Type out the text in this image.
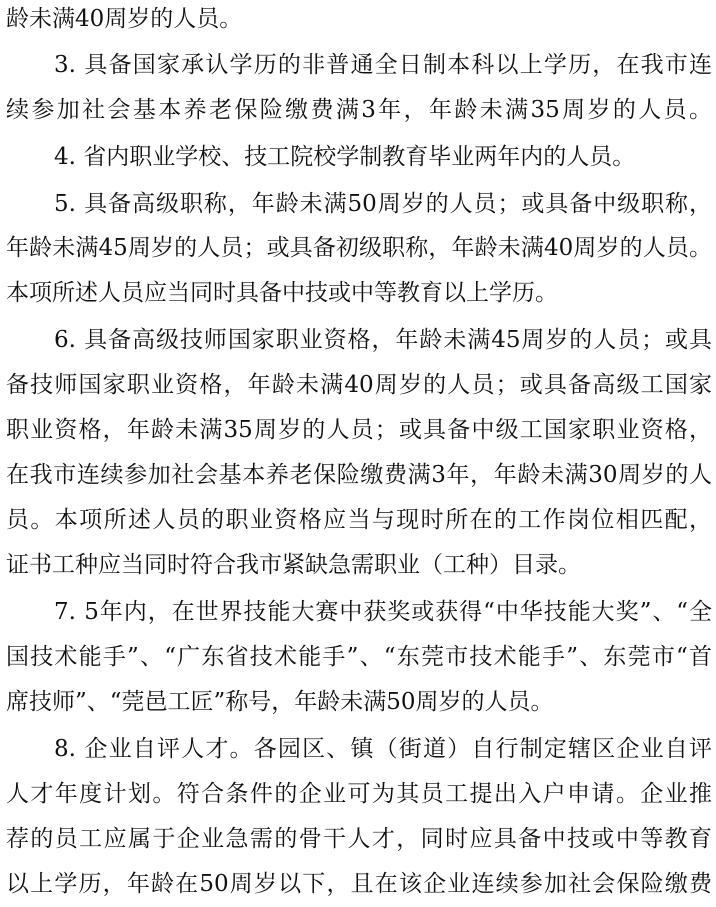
龄未满40周岁的人员。
3. 具备国家承认学历的非普通全日制本科以上学历，在我市连
续参加社会基本养老保险缴费满3年，年龄未满35周岁的人员。
4. 省内职业学校、技工院校学制教育毕业两年内的人员。
5. 具备高级职称，年龄未满50周岁的人员；或具备中级职称，
年龄未满45周岁的人员；或具备初级职称，年龄未满40周岁的人员。
本项所述人员应当同时具备中技或中等教育以上学历。
6. 具备高级技师国家职业资格，年龄未满45周岁的人员；或具
备技师国家职业资格，年龄未满40周岁的人员；或具备高级工国家
职业资格，年龄未满35周岁的人员；或具备中级工国家职业资格，
在我市连续参加社会基本养老保险缴费满3年，年龄未满30周岁的人
员。本项所述人员的职业资格应当与现时所在的工作岗位相匹配，
证书工种应当同时符合我市紧缺急需职业（工种）目录。
7. 5年内，在世界技能大赛中获奖或获得“中华技能大奖”、“全
国技术能手”、“广东省技术能手”、“东莞市技术能手”、东莞市“首
席技师”、“莞邑工匠”称号，年龄未满50周岁的人员。
8. 企业自评人才。各园区、镇（街道）自行制定辖区企业自评
人才年度计划。符合条件的企业可为其员工提出入户申请。企业推
荐的员工应属于企业急需的骨干人才，同时应具备中技或中等教育
以上学历，年龄在50周岁以下，且在该企业连续参加社会保险缴费
